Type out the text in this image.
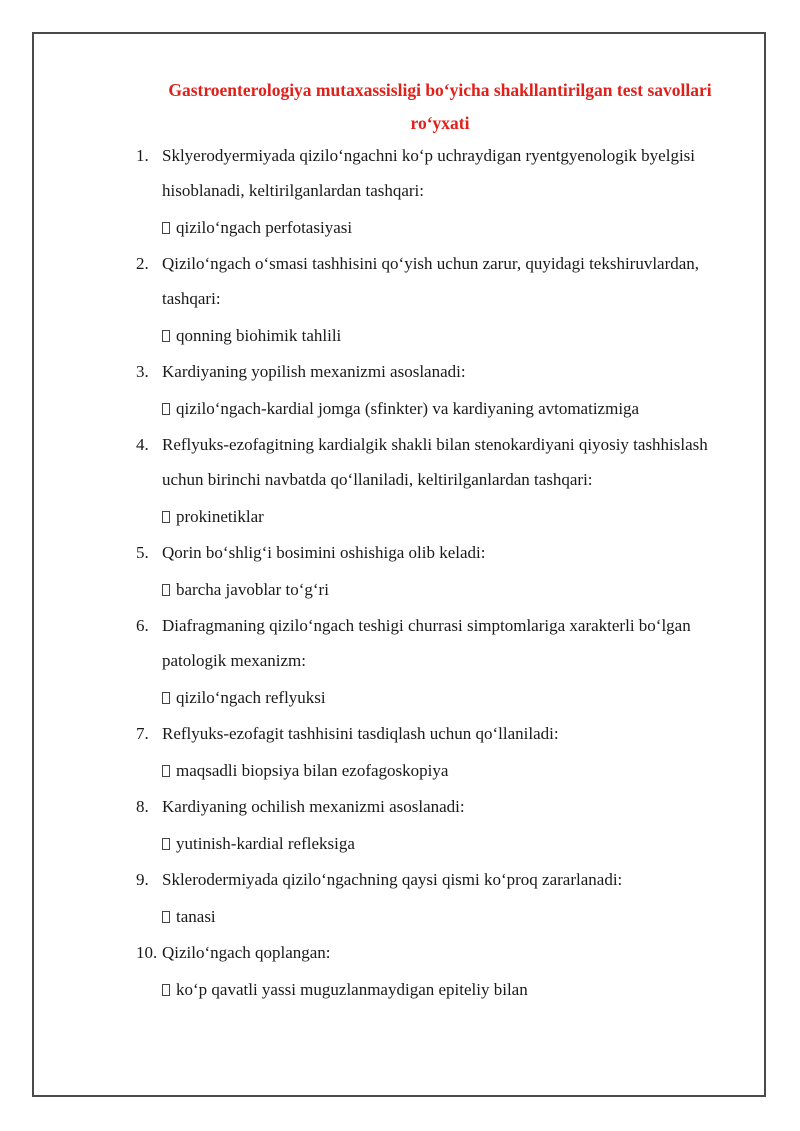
Gastroenterologiya mutaxassisligi bo‘yicha shakllantirilgan test savollari
ro‘yxati
1. Sklyerodyermiyada qizilo‘ngachni ko‘p uchraydigan ryentgyenologik byelgisi hisoblanadi, keltirilganlardan tashqari:
qizilo‘ngach perfotasiyasi
2. Qizilo‘ngach o‘smasi tashhisini qo‘yish uchun zarur, quyidagi tekshiruvlardan, tashqari:
qonning biohimik tahlili
3. Kardiyaning yopilish mexanizmi asoslanadi:
qizilo‘ngach-kardial jomga (sfinkter) va kardiyaning avtomatizmiga
4. Reflyuks-ezofagitning kardialgik shakli bilan stenokardiyani qiyosiy tashhislash uchun birinchi navbatda qo‘llaniladi, keltirilganlardan tashqari:
prokinetiklar
5. Qorin bo‘shlig‘i bosimini oshishiga olib keladi:
barcha javoblar to‘g‘ri
6. Diafragmaning qizilo‘ngach teshigi churrasi simptomlariga xarakterli bo‘lgan patologik mexanizm:
qizilo‘ngach reflyuksi
7. Reflyuks-ezofagit tashhisini tasdiqlash uchun qo‘llaniladi:
maqsadli biopsiya bilan ezofagoskopiya
8. Kardiyaning ochilish mexanizmi asoslanadi:
yutinish-kardial refleksiga
9. Sklerodermiyada qizilo‘ngachning qaysi qismi ko‘proq zararlanadi:
tanasi
10. Qizilo‘ngach qoplangan:
ko‘p qavatli yassi muguzlanmaydigan epiteliy bilan
